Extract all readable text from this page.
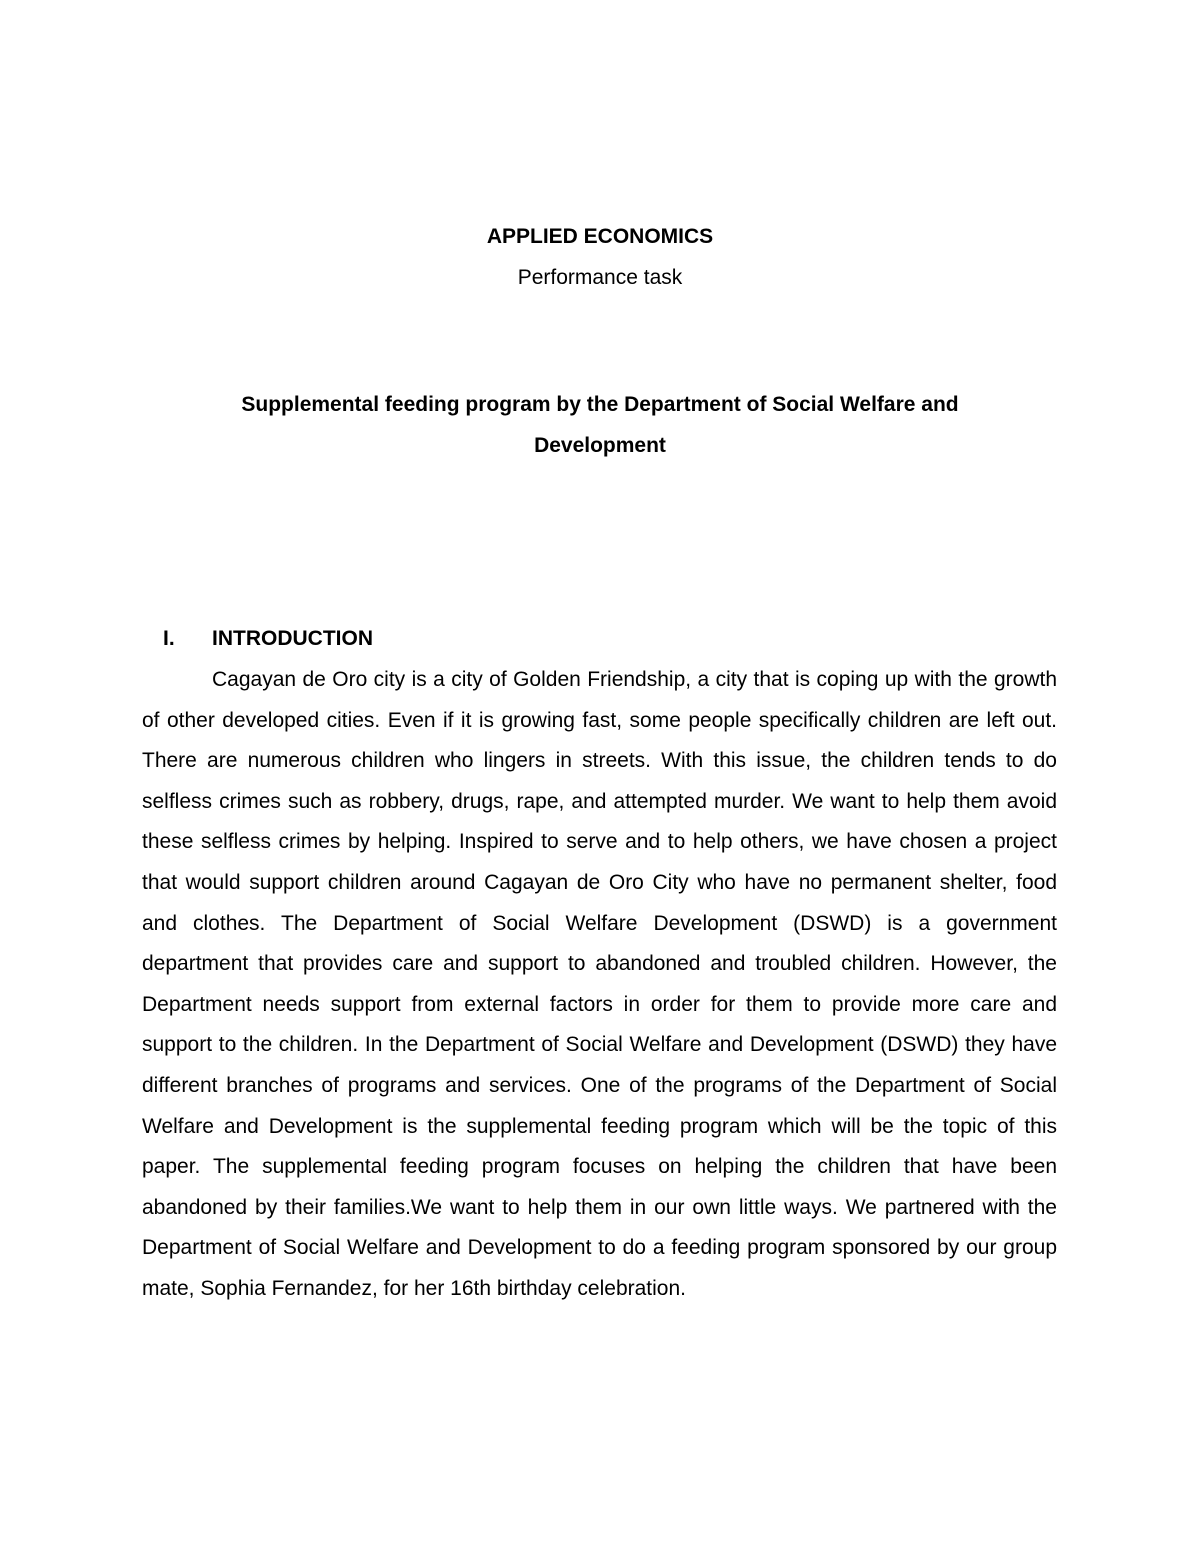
APPLIED ECONOMICS
Performance task
Supplemental feeding program by the Department of Social Welfare and Development
I. INTRODUCTION

Cagayan de Oro city is a city of Golden Friendship, a city that is coping up with the growth of other developed cities. Even if it is growing fast, some people specifically children are left out. There are numerous children who lingers in streets. With this issue, the children tends to do selfless crimes such as robbery, drugs, rape, and attempted murder. We want to help them avoid these selfless crimes by helping. Inspired to serve and to help others, we have chosen a project that would support children around Cagayan de Oro City who have no permanent shelter, food and clothes. The Department of Social Welfare Development (DSWD) is a government department that provides care and support to abandoned and troubled children. However, the Department needs support from external factors in order for them to provide more care and support to the children. In the Department of Social Welfare and Development (DSWD) they have different branches of programs and services. One of the programs of the Department of Social Welfare and Development is the supplemental feeding program which will be the topic of this paper. The supplemental feeding program focuses on helping the children that have been abandoned by their families.We want to help them in our own little ways. We partnered with the Department of Social Welfare and Development to do a feeding program sponsored by our group mate, Sophia Fernandez, for her 16th birthday celebration.
